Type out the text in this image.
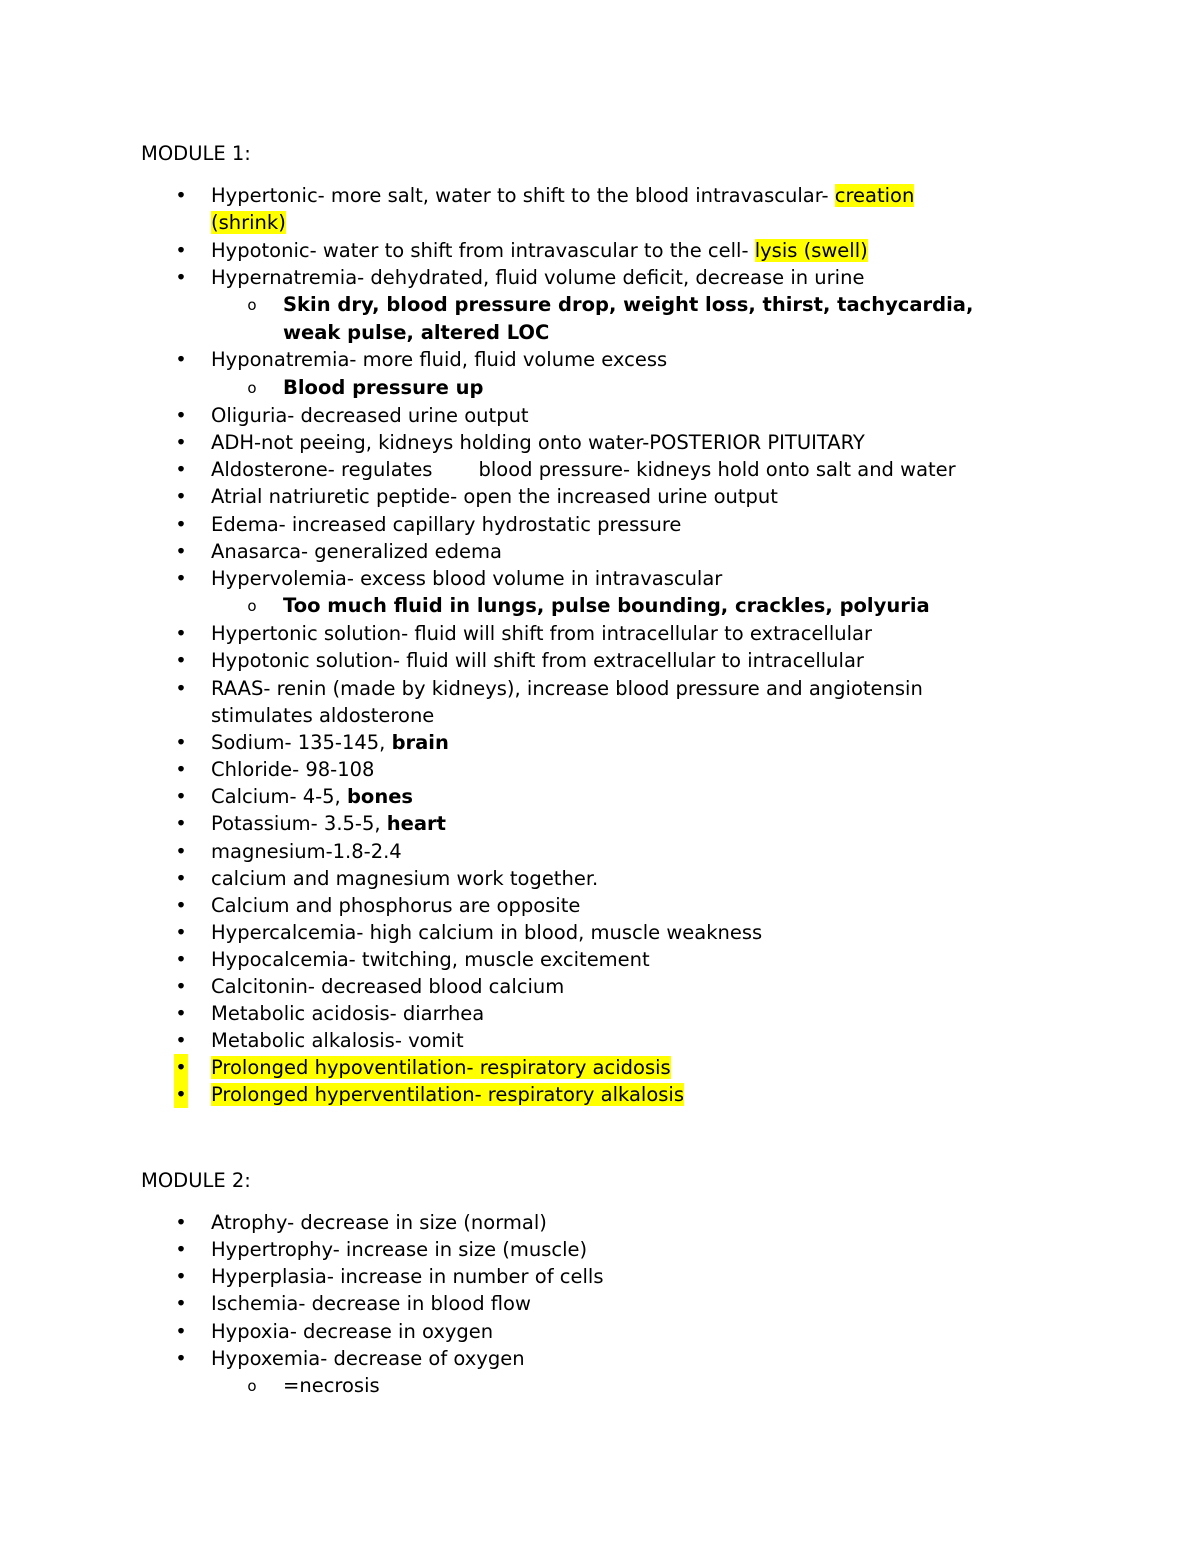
MODULE 1:
• Hypertonic- more salt, water to shift to the blood intravascular- creation
(shrink)
• Hypotonic- water to shift from intravascular to the cell- lysis (swell)
• Hypernatremia- dehydrated, fluid volume deficit, decrease in urine
o Skin dry, blood pressure drop, weight loss, thirst, tachycardia,
weak pulse, altered LOC
• Hyponatremia- more fluid, fluid volume excess
o Blood pressure up
• Oliguria- decreased urine output
• ADH-not peeing, kidneys holding onto water-POSTERIOR PITUITARY
• Aldosterone- regulates blood pressure- kidneys hold onto salt and water
• Atrial natriuretic peptide- open the increased urine output
• Edema- increased capillary hydrostatic pressure
• Anasarca- generalized edema
• Hypervolemia- excess blood volume in intravascular
o Too much fluid in lungs, pulse bounding, crackles, polyuria
• Hypertonic solution- fluid will shift from intracellular to extracellular
• Hypotonic solution- fluid will shift from extracellular to intracellular
• RAAS- renin (made by kidneys), increase blood pressure and angiotensin
stimulates aldosterone
• Sodium- 135-145, brain
• Chloride- 98-108
• Calcium- 4-5, bones
• Potassium- 3.5-5, heart
• magnesium-1.8-2.4
• calcium and magnesium work together.
• Calcium and phosphorus are opposite
• Hypercalcemia- high calcium in blood, muscle weakness
• Hypocalcemia- twitching, muscle excitement
• Calcitonin- decreased blood calcium
• Metabolic acidosis- diarrhea
• Metabolic alkalosis- vomit
• Prolonged hypoventilation- respiratory acidosis
• Prolonged hyperventilation- respiratory alkalosis
MODULE 2:
• Atrophy- decrease in size (normal)
• Hypertrophy- increase in size (muscle)
• Hyperplasia- increase in number of cells
• Ischemia- decrease in blood flow
• Hypoxia- decrease in oxygen
• Hypoxemia- decrease of oxygen
o =necrosis
